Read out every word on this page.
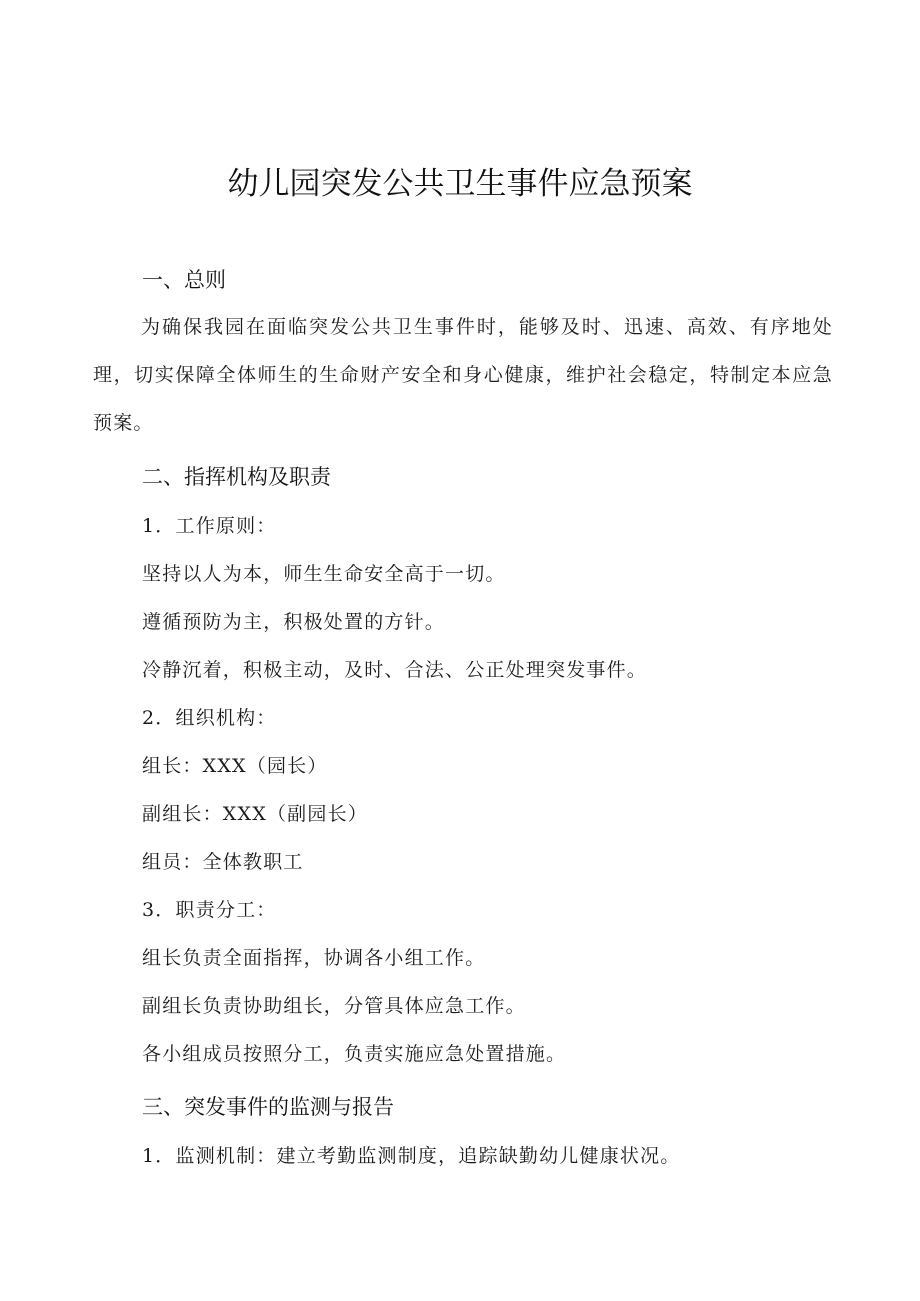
幼儿园突发公共卫生事件应急预案
一、总则
为确保我园在面临突发公共卫生事件时，能够及时、迅速、高效、有序地处理，切实保障全体师生的生命财产安全和身心健康，维护社会稳定，特制定本应急预案。
二、指挥机构及职责
1．工作原则：
坚持以人为本，师生生命安全高于一切。
遵循预防为主，积极处置的方针。
冷静沉着，积极主动，及时、合法、公正处理突发事件。
2．组织机构：
组长：XXX（园长）
副组长：XXX（副园长）
组员：全体教职工
3．职责分工：
组长负责全面指挥，协调各小组工作。
副组长负责协助组长，分管具体应急工作。
各小组成员按照分工，负责实施应急处置措施。
三、突发事件的监测与报告
1．监测机制：建立考勤监测制度，追踪缺勤幼儿健康状况。
